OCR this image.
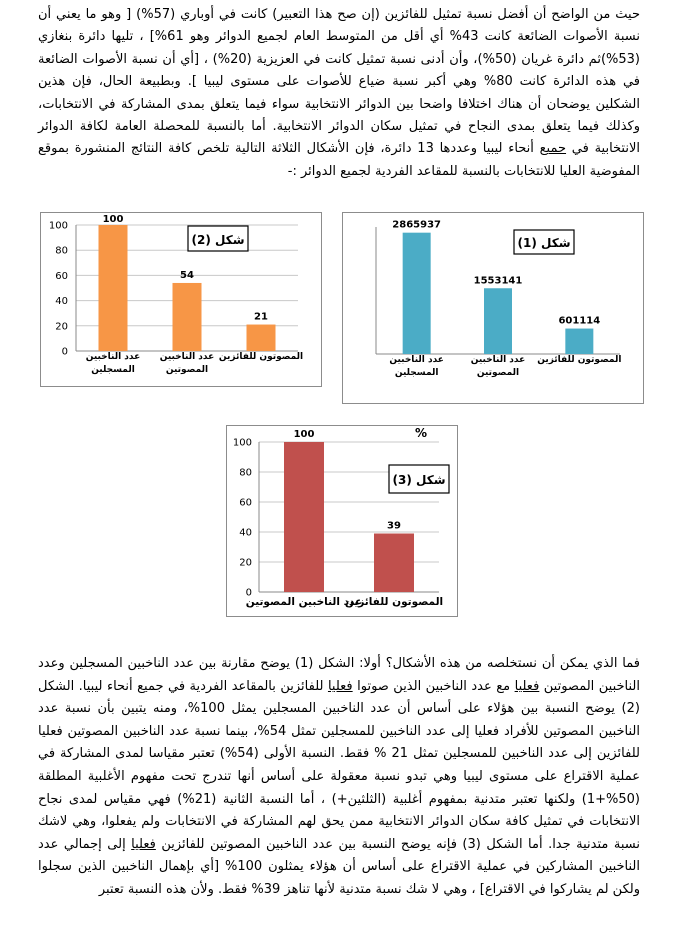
حيث من الواضح أن أفضل نسبة تمثيل للفائزين (إن صح هذا التعبير) كانت في أوباري (57%) [ وهو ما يعني أن نسبة الأصوات الضائعة كانت 43% أي أقل من المتوسط العام لجميع الدوائر وهو 61%] ، تليها دائرة بنغازي (53%)ثم دائرة غريان (50%)، وأن أدنى نسبة تمثيل كانت في العزيزية (20%) ، [أي أن نسبة الأصوات الضائعة في هذه الدائرة كانت 80% وهي أكبر نسبة ضياع للأصوات على مستوى ليبيا ]. وبطبيعة الحال، فإن هذين الشكلين يوضحان أن هناك اختلافا واضحا بين الدوائر الانتخابية سواء فيما يتعلق بمدى المشاركة في الانتخابات، وكذلك فيما يتعلق بمدى النجاح في تمثيل سكان الدوائر الانتخابية. أما بالنسبة للمحصلة العامة لكافة الدوائر الانتخابية في جميع أنحاء ليبيا وعددها 13 دائرة، فإن الأشكال الثلاثة التالية تلخص كافة النتائج المنشورة بموقع المفوضية العليا للانتخابات بالنسبة للمقاعد الفردية لجميع الدوائر :-
2865937
عدد الناخبين المسجلين
1553141
عدد الناخبين المصوتين
601114
المصوتون للفائزين
شكل (1)
0
20
40
60
80
100
100
عدد الناخبين المسجلين
54
عدد الناخبين المصوتين
21
المصوتون للفائزين
شكل (2)
0
20
40
60
80
100
100
عدد الناخبين المصوتين
39
المصوتون للفائزين
شكل (3)
%
فما الذي يمكن أن نستخلصه من هذه الأشكال؟ أولا: الشكل (1) يوضح مقارنة بين عدد الناخبين المسجلين وعدد الناخبين المصوتين فعليا مع عدد الناخبين الذين صوتوا فعليا للفائزين بالمقاعد الفردية في جميع أنحاء ليبيا. الشكل (2) يوضح النسبة بين هؤلاء على أساس أن عدد الناخبين المسجلين يمثل 100%، ومنه يتبين بأن نسبة عدد الناخبين المصوتين للأفراد فعليا إلى عدد الناخبين للمسجلين تمثل 54%، بينما نسبة عدد الناخبين المصوتين فعليا للفائزين إلى عدد الناخبين للمسجلين تمثل 21 % فقط. النسبة الأولى (54%) تعتبر مقياسا لمدى المشاركة في عملية الاقتراع على مستوى ليبيا وهي تبدو نسبة معقولة على أساس أنها تندرج تحت مفهوم الأغلبية المطلقة (50%+1) ولكنها تعتبر متدنية بمفهوم أغلبية (الثلثين+) ، أما النسبة الثانية (21%) فهي مقياس لمدى نجاح الانتخابات في تمثيل كافة سكان الدوائر الانتخابية ممن يحق لهم المشاركة في الانتخابات ولم يفعلوا، وهي لاشك نسبة متدنية جدا. أما الشكل (3) فإنه يوضح النسبة بين عدد الناخبين المصوتين للفائزين فعليا إلى إجمالي عدد الناخبين المشاركين في عملية الاقتراع على أساس أن هؤلاء يمثلون 100% [أي بإهمال الناخبين الذين سجلوا ولكن لم يشاركوا في الاقتراع] ، وهي لا شك نسبة متدنية لأنها تناهز 39% فقط. ولأن هذه النسبة تعتبر
